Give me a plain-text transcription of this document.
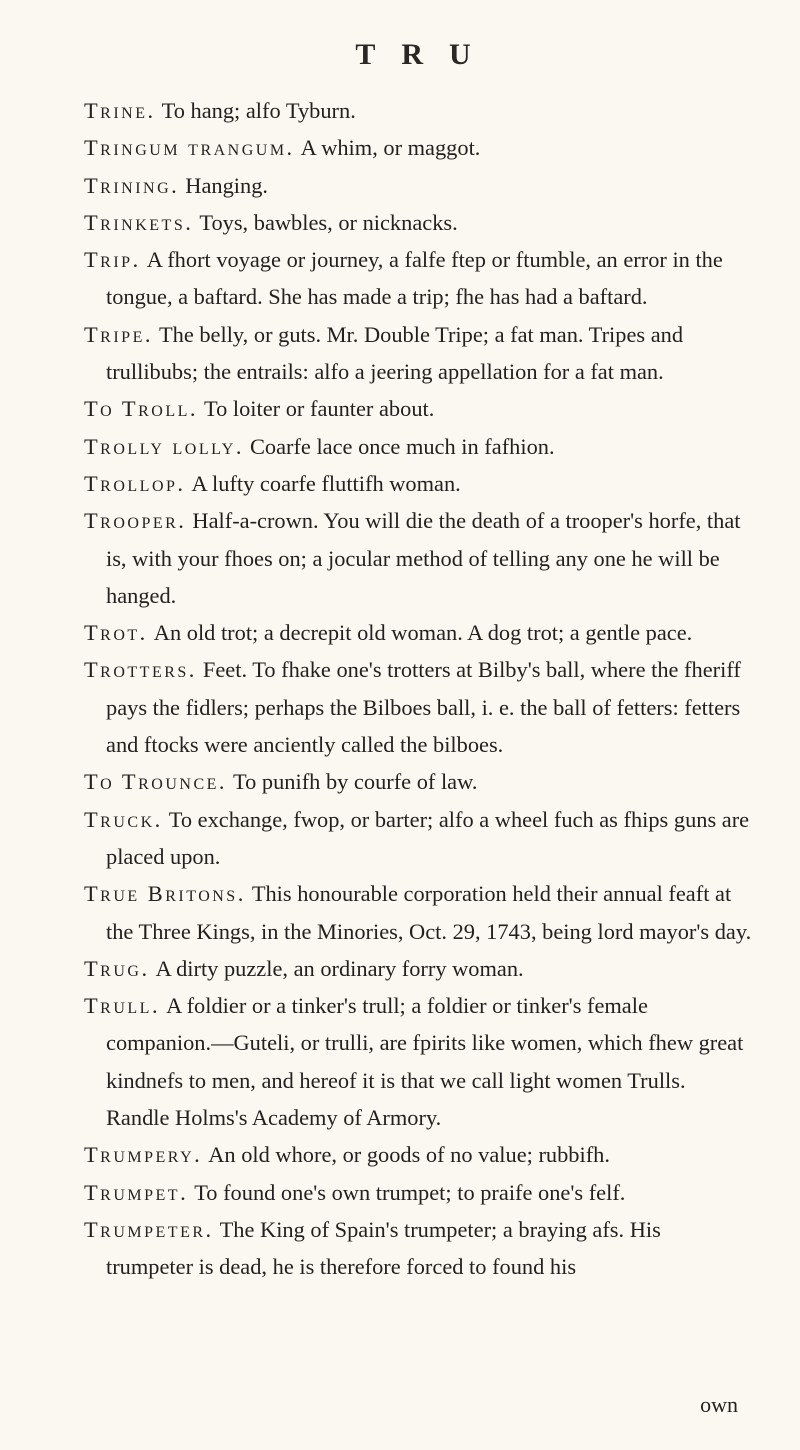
TRU

Trine. To hang; alfo Tyburn.

Tringum trangum. A whim, or maggot.

Trining. Hanging.

Trinkets. Toys, bawbles, or nicknacks.

Trip. A fhort voyage or journey, a falfe ftep or ftumble, an error in the tongue, a baftard. She has made a trip; fhe has had a baftard.

Tripe. The belly, or guts. Mr. Double Tripe; a fat man. Tripes and trullibubs; the entrails: alfo a jeering appellation for a fat man.

To Troll. To loiter or faunter about.

Trolly lolly. Coarfe lace once much in fafhion.

Trollop. A lufty coarfe fluttifh woman.

Trooper. Half-a-crown. You will die the death of a trooper's horfe, that is, with your fhoes on; a jocular method of telling any one he will be hanged.

Trot. An old trot; a decrepit old woman. A dog trot; a gentle pace.

Trotters. Feet. To fhake one's trotters at Bilby's ball, where the fheriff pays the fidlers; perhaps the Bilboes ball, i. e. the ball of fetters: fetters and ftocks were anciently called the bilboes.

To Trounce. To punifh by courfe of law.

Truck. To exchange, fwop, or barter; alfo a wheel fuch as fhips guns are placed upon.

True Britons. This honourable corporation held their annual feaft at the Three Kings, in the Minories, Oct. 29, 1743, being lord mayor's day.

Trug. A dirty puzzle, an ordinary forry woman.

Trull. A foldier or a tinker's trull; a foldier or tinker's female companion.—Guteli, or trulli, are fpirits like women, which fhew great kindnefs to men, and hereof it is that we call light women Trulls. Randle Holms's Academy of Armory.

Trumpery. An old whore, or goods of no value; rubbifh.

Trumpet. To found one's own trumpet; to praife one's felf.

Trumpeter. The King of Spain's trumpeter; a braying afs. His trumpeter is dead, he is therefore forced to found his

own
